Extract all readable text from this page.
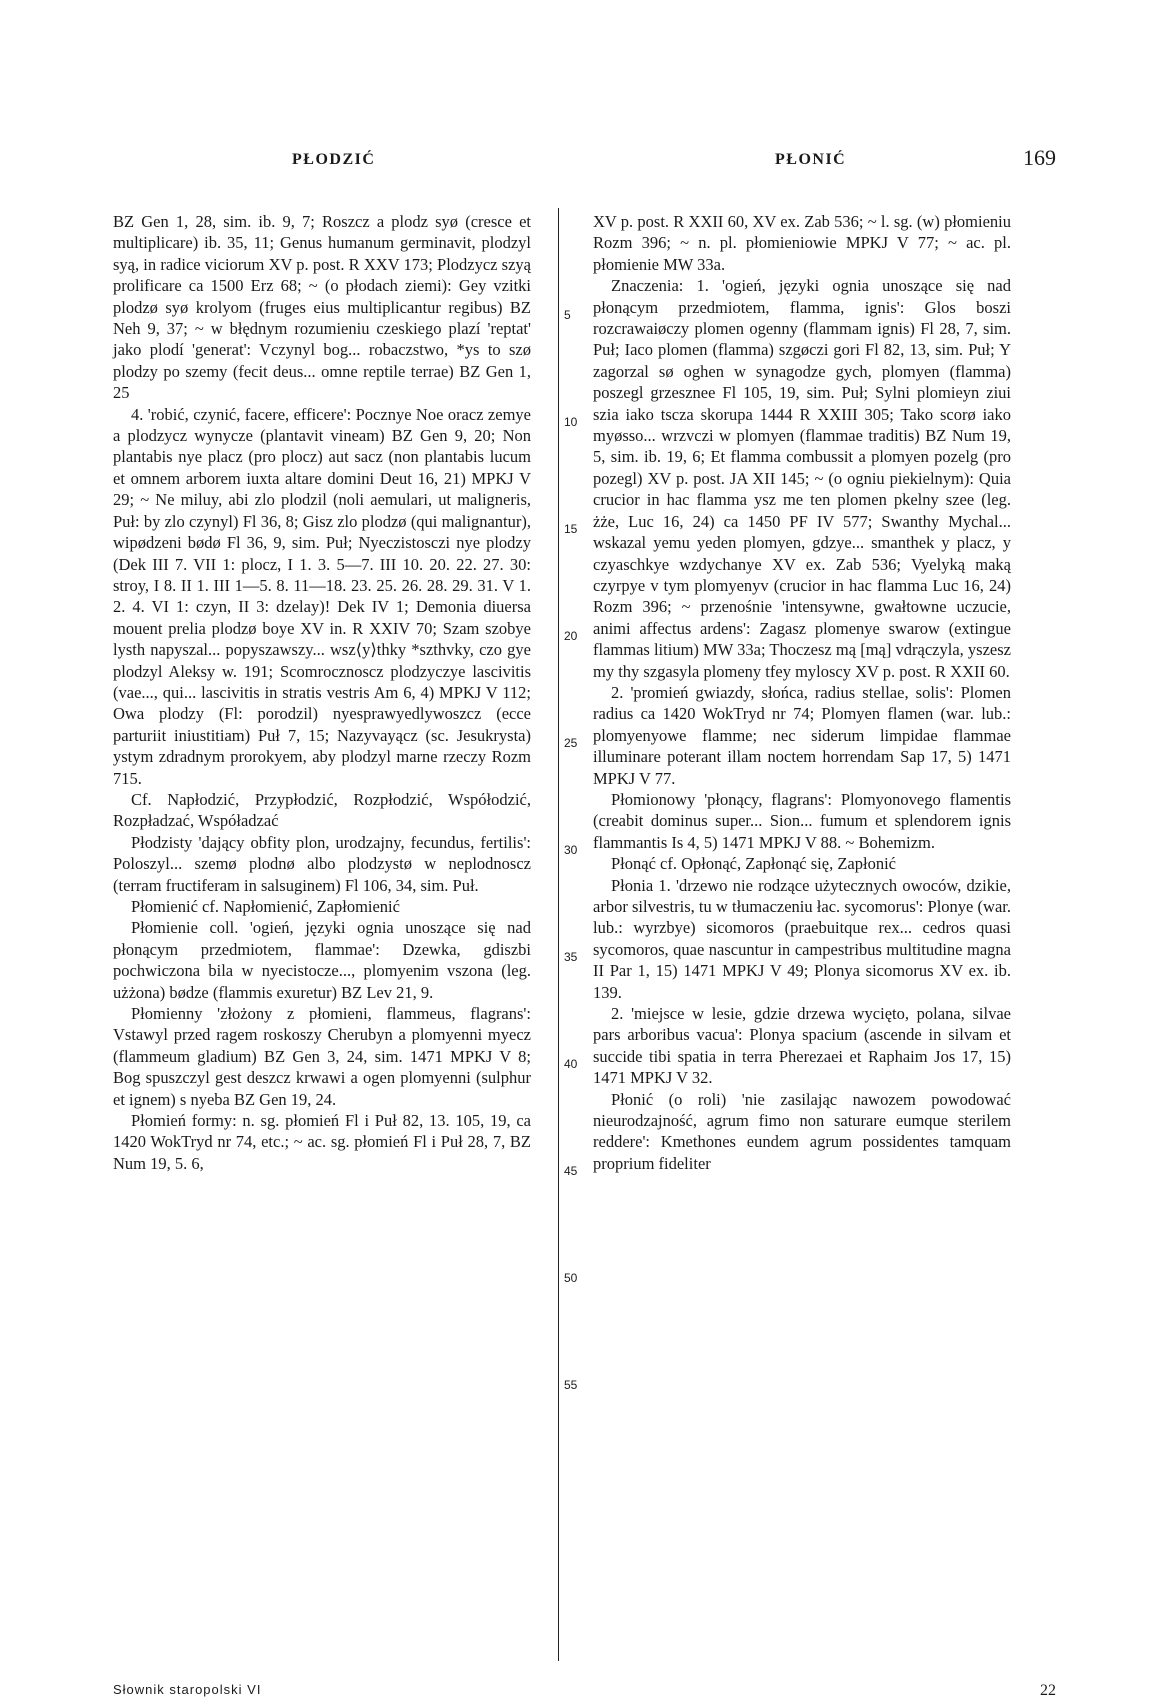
PŁODZIĆ	PŁONIĆ	169

BZ Gen 1, 28, sim. ib. 9, 7; Roszcz a plodz syø (cresce et multiplicare) ib. 35, 11; Genus humanum germinavit, plodzyl syą, in radice viciorum XV p. post. R XXV 173; Plodzycz szyą prolificare ca 1500 Erz 68; ~ (o płodach ziemi): Gey vzitki plodzø syø krolyom (fruges eius multiplicantur regibus) BZ Neh 9, 37; ~ w błędnym rozumieniu czeskiego plazí 'reptat' jako plodí 'generat': Vczynyl bog... robaczstwo, *ys to szø plodzy po szemy (fecit deus... omne reptile terrae) BZ Gen 1, 25

4. 'robić, czynić, facere, efficere': Pocznye Noe oracz zemye a plodzycz wynycze (plantavit vineam) BZ Gen 9, 20; Non plantabis nye placz (pro plocz) aut sacz (non plantabis lucum et omnem arborem iuxta altare domini Deut 16, 21) MPKJ V 29; ~ Ne miluy, abi zlo plodzil (noli aemulari, ut maligneris, Puł: by zlo czynyl) Fl 36, 8; Gisz zlo plodzø (qui malignantur), wipødzeni bødø Fl 36, 9, sim. Puł; Nyeczistosczi nye plodzy (Dek III 7. VII 1: plocz, I 1. 3. 5—7. III 10. 20. 22. 27. 30: stroy, I 8. II 1. III 1—5. 8. 11—18. 23. 25. 26. 28. 29. 31. V 1. 2. 4. VI 1: czyn, II 3: dzelay)! Dek IV 1; Demonia diuersa mouent prelia plodzø boye XV in. R XXIV 70; Szam szobye lysth napyszal... popyszawszy... wsz⟨y⟩thky *szthvky, czo gye plodzyl Aleksy w. 191; Scomrocznoscz plodzyczye lascivitis (vae..., qui... lascivitis in stratis vestris Am 6, 4) MPKJ V 112; Owa plodzy (Fl: porodzil) nyesprawyedlywoszcz (ecce parturiit iniustitiam) Puł 7, 15; Nazyvayącz (sc. Jesukrysta) ystym zdradnym prorokyem, aby plodzyl marne rzeczy Rozm 715.

Cf. Napłodzić, Przypłodzić, Rozpłodzić, Współodzić, Rozpładzać, Współadzać

Płodzisty 'dający obfity plon, urodzajny, fecundus, fertilis': Poloszyl... szemø plodnø albo plodzystø w neplodnoscz (terram fructiferam in salsuginem) Fl 106, 34, sim. Puł.

Płomienić cf. Napłomienić, Zapłomienić

Płomienie coll. 'ogień, języki ognia unoszące się nad płonącym przedmiotem, flammae': Dzewka, gdiszbi pochwiczona bila w nyecistocze..., plomyenim vszona (leg. użżona) bødze (flammis exuretur) BZ Lev 21, 9.

Płomienny 'złożony z płomieni, flammeus, flagrans': Vstawyl przed ragem roskoszy Cherubyn a plomyenni myecz (flammeum gladium) BZ Gen 3, 24, sim. 1471 MPKJ V 8; Bog spuszczyl gest deszcz krwawi a ogen plomyenni (sulphur et ignem) s nyeba BZ Gen 19, 24.

Płomień formy: n. sg. płomień Fl i Puł 82, 13. 105, 19, ca 1420 WokTryd nr 74, etc.; ~ ac. sg. płomień Fl i Puł 28, 7, BZ Num 19, 5. 6,

5
10
15
20
25
30
35
40
45
50
55

XV p. post. R XXII 60, XV ex. Zab 536; ~ l. sg. (w) płomieniu Rozm 396; ~ n. pl. płomieniowie MPKJ V 77; ~ ac. pl. płomienie MW 33a.

Znaczenia: 1. 'ogień, języki ognia unoszące się nad płonącym przedmiotem, flamma, ignis': Glos boszi rozcrawaiøczy plomen ogenny (flammam ignis) Fl 28, 7, sim. Puł; Iaco plomen (flamma) szgøczi gori Fl 82, 13, sim. Puł; Y zagorzal sø oghen w synagodze gych, plomyen (flamma) poszegl grzesznee Fl 105, 19, sim. Puł; Sylni plomieyn ziui szia iako tscza skorupa 1444 R XXIII 305; Tako scorø iako myøsso... wrzvczi w plomyen (flammae traditis) BZ Num 19, 5, sim. ib. 19, 6; Et flamma combussit a plomyen pozelg (pro pozegl) XV p. post. JA XII 145; ~ (o ogniu piekielnym): Quia crucior in hac flamma ysz me ten plomen pkelny szee (leg. żże, Luc 16, 24) ca 1450 PF IV 577; Swanthy Mychal... wskazal yemu yeden plomyen, gdzye... smanthek y placz, y czyaschkye wzdychanye XV ex. Zab 536; Vyelyką maką czyrpye v tym plomyenyv (crucior in hac flamma Luc 16, 24) Rozm 396; ~ przenośnie 'intensywne, gwałtowne uczucie, animi affectus ardens': Zagasz plomenye swarow (extingue flammas litium) MW 33a; Thoczesz mą [mą] vdrączyla, yszesz my thy szgasyla plomeny tfey myloscy XV p. post. R XXII 60.

2. 'promień gwiazdy, słońca, radius stellae, solis': Plomen radius ca 1420 WokTryd nr 74; Plomyen flamen (war. lub.: plomyenyowe flamme; nec siderum limpidae flammae illuminare poterant illam noctem horrendam Sap 17, 5) 1471 MPKJ V 77.

Płomionowy 'płonący, flagrans': Plomyonovego flamentis (creabit dominus super... Sion... fumum et splendorem ignis flammantis Is 4, 5) 1471 MPKJ V 88. ~ Bohemizm.

Płonąć cf. Opłonąć, Zapłonąć się, Zapłonić

Płonia 1. 'drzewo nie rodzące użytecznych owoców, dzikie, arbor silvestris, tu w tłumaczeniu łac. sycomorus': Plonye (war. lub.: wyrzbye) sicomoros (praebuitque rex... cedros quasi sycomoros, quae nascuntur in campestribus multitudine magna II Par 1, 15) 1471 MPKJ V 49; Plonya sicomorus XV ex. ib. 139.

2. 'miejsce w lesie, gdzie drzewa wycięto, polana, silvae pars arboribus vacua': Plonya spacium (ascende in silvam et succide tibi spatia in terra Pherezaei et Raphaim Jos 17, 15) 1471 MPKJ V 32.

Płonić (o roli) 'nie zasilając nawozem powodować nieurodzajność, agrum fimo non saturare eumque sterilem reddere': Kmethones eundem agrum possidentes tamquam proprium fideliter

Słownik staropolski VI	22
